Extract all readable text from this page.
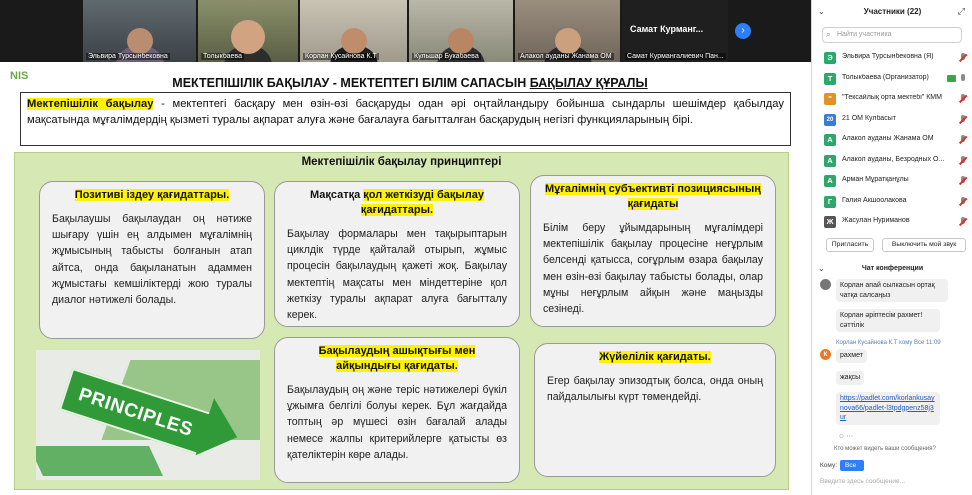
Эльвира Турсынбековна	Толыкбаева	Корлан Кусайнова К.Т	Кульшар Букабаева	Алакол ауданы Жанама ОМ
Самат Курманг...
Самат Курмангалиевич Пан...
›
NIS	МЕКТЕПІШІЛІК БАҚЫЛАУ - МЕКТЕПТЕГІ БІЛІМ САПАСЫН БАҚЫЛАУ ҚҰРАЛЫ
Мектепішілік бақылау - мектептегі басқару мен өзін-өзі басқаруды одан әрі оңтайландыру бойынша сындарлы шешімдер қабылдау мақсатында мұғалімдердің қызметі туралы ақпарат алуға және бағалауға бағытталған басқарудың негізгі функцияларының бірі.
Мектепішілік бақылау принциптері
Позитиві іздеу қағидаттары.
Бақылаушы бақылаудан оң нәтиже шығару үшін ең алдымен мұғалімнің жұмысының табысты болғанын атап айтса, онда бақыланатын адаммен жұмыстағы кемшіліктерді жою туралы диалог нәтижелі болады.
Мақсатқа қол жеткізуді бақылау қағидаттары.
Бақылау формалары мен тақырыптарын циклдік түрде қайталай отырып, жұмыс процесін бақылаудың қажеті жоқ. Бақылау мектептің мақсаты мен міндеттеріне қол жеткізу туралы ақпарат алуға бағытталу керек.
Мұғалімнің субъективті позициясының қағидаты
Білім беру ұйымдарының мұғалімдері мектепішілік бақылау процесіне неғұрлым белсенді қатысса, соғұрлым өзара бақылау мен өзін-өзі бақылау табысты болады, олар мұны неғұрлым айқын және маңызды сезінеді.
Бақылаудың ашықтығы мен айқындығы қағидаты.
Бақылаудың оң және теріс нәтижелері бүкіл ұжымға белгілі болуы керек. Бұл жағдайда топтың әр мүшесі өзін бағалай алады немесе жалпы критерийлерге қатысты өз қателіктерін көре алады.
Жүйелілік қағидаты.
Егер бақылау эпизодтық болса, онда оның пайдалылығы күрт төмендейді.
PRINCIPLES
⌄	Участники (22)	⤢
⌕ Найти участника
Э	Эльвира Турсынбековна (Я)
Т	Толыкбаева (Организатор)
"	"Тексайлық орта мектебі" КММ
20	21 ОМ Кулбасыт
А	Алакол ауданы Жанама ОМ
А	Алакол ауданы, Безродных О...
А	Арман Мұратқанұлы
Г	Галия Акшоолакова
Ж	Жасулан Нуриманов
Пригласить	Выключить мой звук
⌄	Чат конференции
Корлан апай сылкасын ортақ чатқа салсаңыз
Корлан әріптесім рахмет! сәттілік
Корлан Кусайнова К.Т кому Все 11:09
К	рахмет
жақсы
https://padlet.com/korlankusaynova66/padlet-l3tpdgpenz58j3ur
☺ ⋯
Кто может видеть ваши сообщения?
Кому:	Все
Введите здесь сообщение...
